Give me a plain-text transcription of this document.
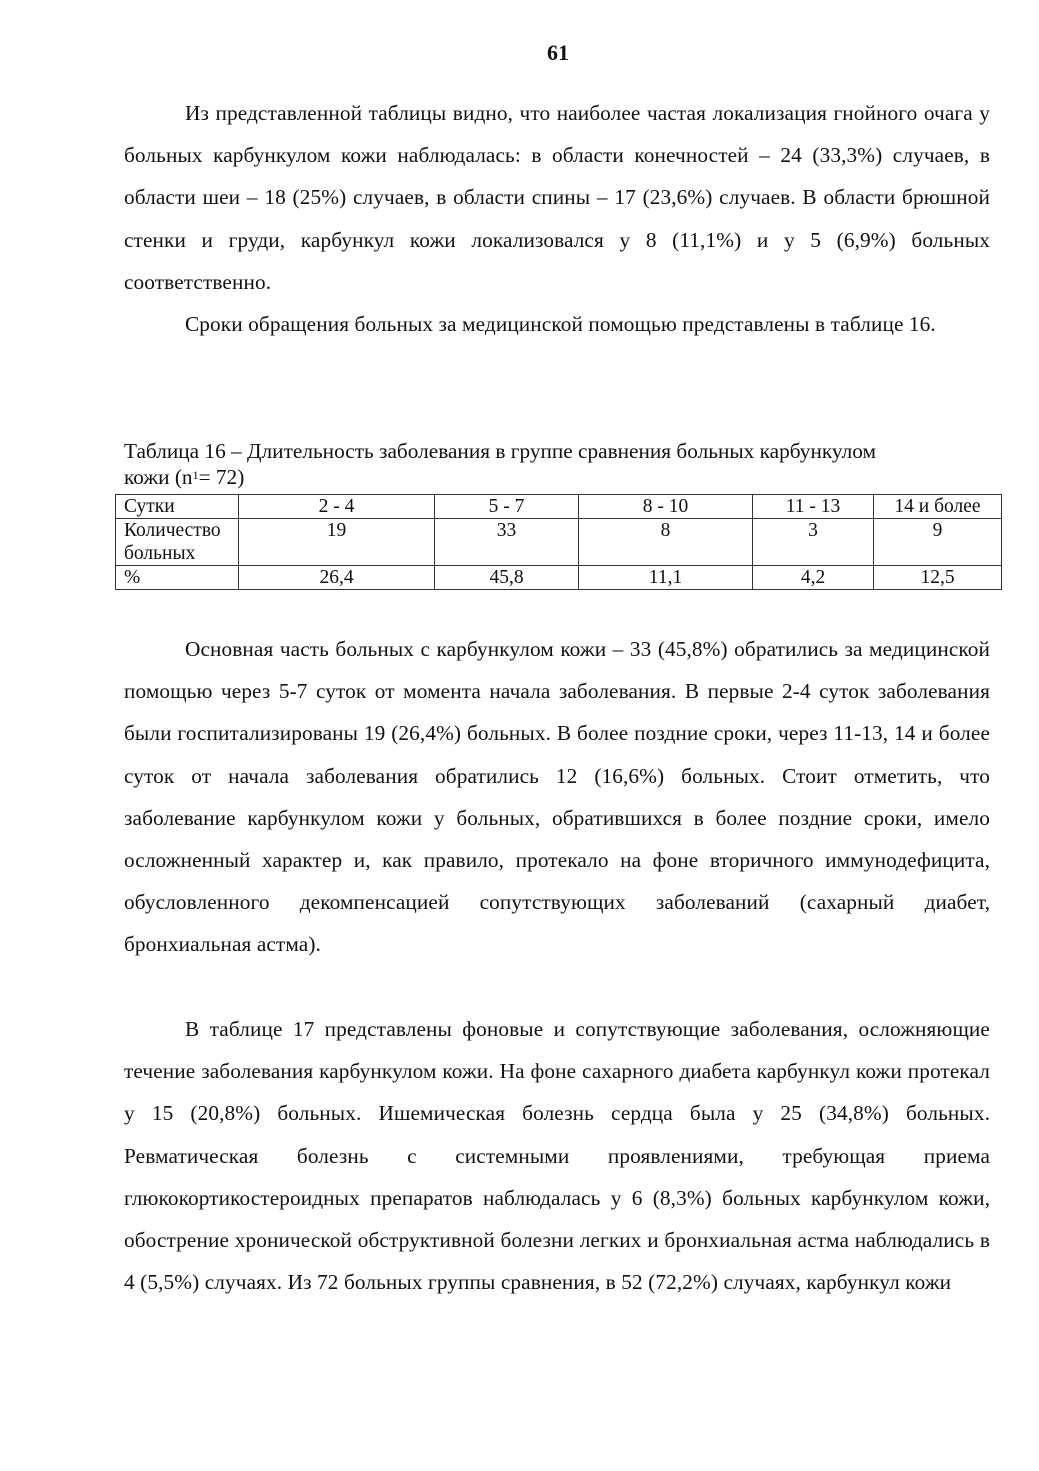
61

Из представленной таблицы видно, что наиболее частая локализация гнойного очага у больных карбункулом кожи наблюдалась: в области конечностей – 24 (33,3%) случаев, в области шеи – 18 (25%) случаев, в области спины – 17 (23,6%) случаев. В области брюшной стенки и груди, карбункул кожи локализовался у 8 (11,1%) и у 5 (6,9%) больных соответственно.

Сроки обращения больных за медицинской помощью представлены в таблице 16.

Таблица 16 – Длительность заболевания в группе сравнения больных карбункулом кожи $(n^1= 72)$

Сутки	2 - 4	5 - 7	8 - 10	11 - 13	14 и более
Количество больных	19	33	8	3	9
%	26,4	45,8	11,1	4,2	12,5

Основная часть больных с карбункулом кожи – 33 (45,8%) обратились за медицинской помощью через 5-7 суток от момента начала заболевания. В первые 2-4 суток заболевания были госпитализированы 19 (26,4%) больных. В более поздние сроки, через 11-13, 14 и более суток от начала заболевания обратились 12 (16,6%) больных. Стоит отметить, что заболевание карбункулом кожи у больных, обратившихся в более поздние сроки, имело осложненный характер и, как правило, протекало на фоне вторичного иммунодефицита, обусловленного декомпенсацией сопутствующих заболеваний (сахарный диабет, бронхиальная астма).

В таблице 17 представлены фоновые и сопутствующие заболевания, осложняющие течение заболевания карбункулом кожи. На фоне сахарного диабета карбункул кожи протекал у 15 (20,8%) больных. Ишемическая болезнь сердца была у 25 (34,8%) больных. Ревматическая болезнь с системными проявлениями, требующая приема глюкокортикостероидных препаратов наблюдалась у 6 (8,3%) больных карбункулом кожи, обострение хронической обструктивной болезни легких и бронхиальная астма наблюдались в 4 (5,5%) случаях. Из 72 больных группы сравнения, в 52 (72,2%) случаях, карбункул кожи
